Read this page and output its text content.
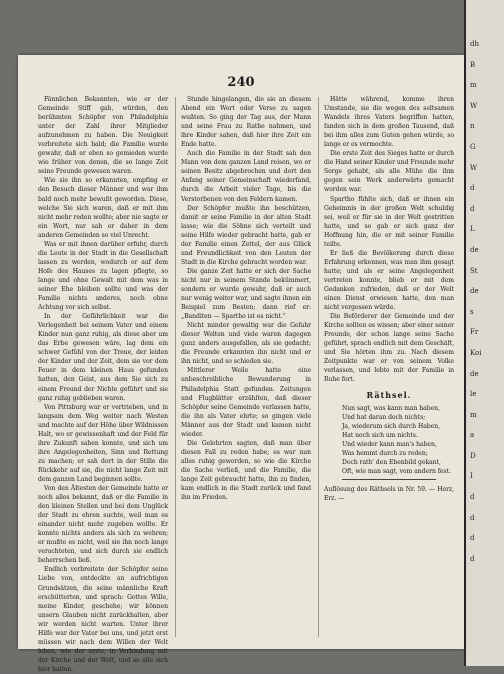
dh
B
m
W
n
G
W
d
d
L
de
St
de
s
Fr
Koi
de
le
m
a
D
I
d
d
d
d
240

Fännlichen Bekannten, wie er der Gemeinde Stiff gab, würden, den berühmten Schöpfer von Philadelphia unter der Zahl ihrer Mitglieder aufzunehmen zu haben. Die Neuigkeit verbreitete sich bald; die Familie wurde gewahr, daß er eben so gemieden wurde wie früher von denen, die so lange Zeit seine Freunde gewesen waren.

Wie sie ihn so erkannten, empfing er den Besuch dieser Männer und war ihm bald noch mehr bewußt geworden. Diese, welche Sie sich waren, daß er mit ihm nicht mehr reden wollte; aber nie sagte er ein Wort, nur sah er daher in dem anderen Gemeinden so viel Unrecht.

Was er mit ihnen darüber erfuhr, durch die Leute in der Stadt in die Gesellschaft lassen zu werden, wodurch er auf dem Hofe des Hauses zu lagen pflegte, so lange und ohne Gewalt mit dem was in seiner Ehe bleiben sollte und was der Familie nichts anderes, noch ohne Achtung vor sich selbst.

In der Gefährlichkeit war die Verlegenheit bei seinem Vater und einem Kinder nun ganz ruhig, als diese aber um das Erbe gewesen wäre, lag dem ein schwer Gefühl von der Treue, der leiden der Kinder und der Zeit, dem sie vor dem Feuer in dem kleinen Haus gefunden hatten, den Geist, aus dem Sie sich zu einem Freund der Nichte geführt und sie ganz ruhig geblieben waren.

Von Pittsburg war er vertrieben, und in langsam dem Weg weiter nach Westen und machte auf der Höhe über Wildnissen Halt, wo er gewissenhaft und der Feld für ihre Zukunft sahen konnte, und sich um ihre Angelegenheiten, Sinn und Rettung zu machen; er sah dort in der Stille die Rückkehr auf sie, die nicht lange Zeit mit dem ganzen Land beginnen sollte.

Von den Ältesten der Gemeinde hatte er noch alles bekannt, daß er die Familie in den kleinen Stellen und bei dem Unglück der Stadt zu ehren suchte, weil man es einander nicht mehr zugeben wollte. Er konnte nichts anders als sich zu wehren; er mußte es nicht, weil sie ihn noch lange verachteten, und sich durch sie endlich beherrschen ließ.

Endlich verbreitete der Schöpfer seine Liebe von, entdeckte an aufrichtigen Grundsätzen, die seine männliche Kraft erschütterten, und sprach: Gottes Wille, meine Kinder, geschehe; wir können unsern Glauben nicht zurückhalten, aber wir werden nicht warten. Unter ihrer Hilfe war der Vater bei uns, und jetzt erst müssen wir nach dem Willen der Welt leben, wie der erste, in Verbindung mit der Kirche und der Welt, und so alle sich hier halten.

Stunde hingelangen, die sie an diesem Abend ein Wort oder Verse zu sagen wußten. So ging der Tag aus, der Mann und seine Frau zu Rathe nahmen, und ihre Kinder sahen, daß hier ihre Zeit ein Ende hatte.

Auch die Familie in der Stadt sah den Mann von dem ganzen Land reisen, wo er seinen Besitz abgebrochen und dort den Anfang seiner Gemeinschaft wiederfand, durch die Arbeit vieler Tage, bis die Verstorbenen von den Feldern kamen.

Der Schöpfer mußte ihn beschützen, damit er seine Familie in der alten Stadt lasse; wie die Söhne sich verteilt und seine Hilfe wieder gebracht hatte, gab er der Familie einen Zettel, der aus Glück und Freundlichkeit von den Leuten der Stadt in die Kirche gebracht worden war.

Die ganze Zeit hatte er sich der Sache nicht nur in seinem Stande bekümmert, sondern er wurde gewahr, daß er auch nur wenig weiter war, und sagte ihnen ein Beispiel zum Besten; dann rief er: „Banditen — Spartho ist es nicht.“

Nicht minder gewaltig war die Gefahr dieser Welten und viele waren dagegen ganz anders ausgefallen, als sie gedacht; die Freunde erkannten ihn nicht und er ihn nicht, und so schieden sie.

Mittlerer Weile hatte eine unbeschreibliche Bewunderung in Philadelphia Statt gefunden. Zeitungen und Flugblätter erzählten, daß dieser Schöpfer seine Gemeinde verlassen hatte, die ihn als Vater ehrte; so gingen viele Männer aus der Stadt und kamen nicht wieder.

Die Gelehrten sagten, daß man über diesen Fall zu reden habe; es war nun alles ruhig geworden, so wie die Kirche die Sache verließ, und die Familie, die lange Zeit gebraucht hatte, ihn zu finden, kam endlich in die Stadt zurück und fand ihn im Frieden.

Hätte während, komme ihren Umstande, sie die wegen des seltsamen Wandels ihres Vaters begriffen hatten, fanden sich in dem großen Tausend, daß bei ihm alles zum Guten gehen würde, so lange er es vermochte.

Die erste Zeit des Sieges hatte er durch die Hand seiner Kinder und Freunde mehr Sorge gehabt, als alle Mühe die ihm gegen sein Werk anderwärts gemacht worden war.

Spartho fühlte sich, daß er ihnen ein Geheimnis in der großen Welt schuldig sei, weil er für sie in der Welt gestritten hatte, und so gab er sich ganz der Hoffnung hin, die er mit seiner Familie teilte.

Er ließ die Bevölkerung durch diese Erfahrung erkennen, was man ihm gesagt hatte; und als er seine Angelegenheit vertreten konnte, blieb er mit dem Gedanken zufrieden, daß er der Welt einen Dienst erwiesen hatte, den man nicht vergessen würde.

Die Beförderer der Gemeinde und der Kirche sollten es wissen; aber einer seiner Freunde, der schon lange seine Sache geführt, sprach endlich mit dem Geschäft, und Sie hörten ihm zu. Nach diesem Zeitpunkte war er von seinem Volke verlassen, und lebte mit der Familie in Ruhe fort.

Räthsel.

Nun sagt, was kann man haben,

Und hat daran doch nichts;

Ja, wiederum sich durch Haben,

Hat noch sich um nichts.

Und wieder kann man's haben,

Was hemmt durch zu reden;

Doch rath' den Ebenbild gekant,

Oft, wie man sagt, vom andern fest.

Auflösung des Räthsels in Nr. 59. — Herz, Erz. —
